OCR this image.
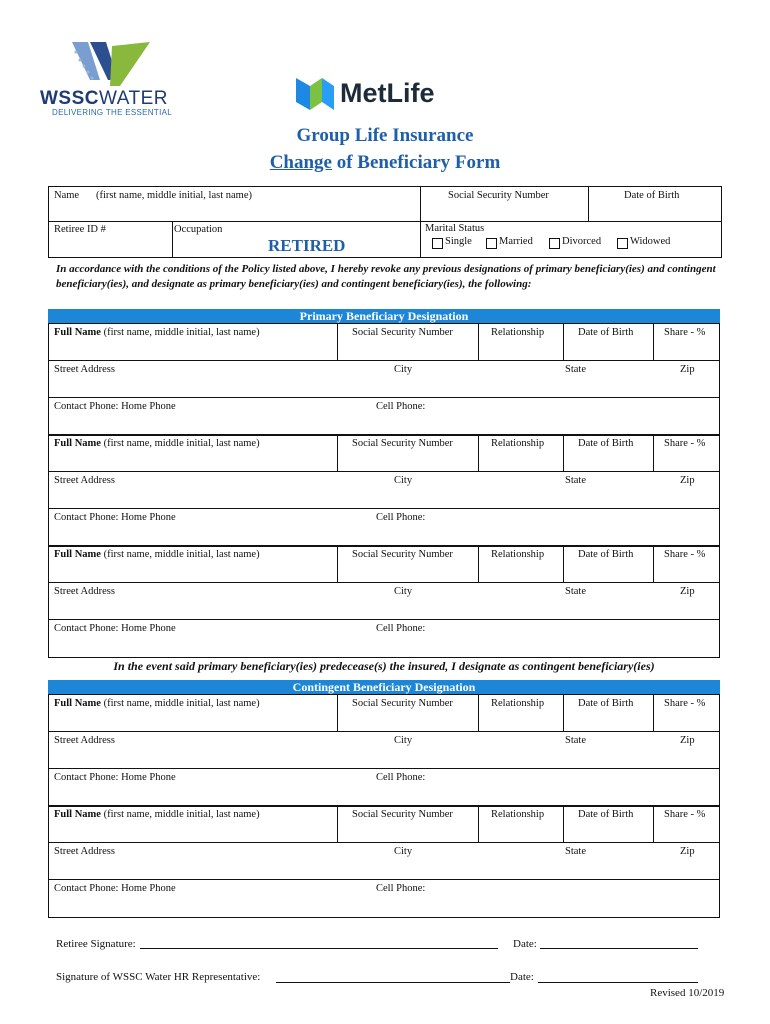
WSSCWATER
DELIVERING THE ESSENTIAL
MetLife
Group Life Insurance
Change of Beneficiary Form
Name (first name, middle initial, last name)	Social Security Number	Date of Birth
Retiree ID #	Occupation
RETIRED
Marital Status
Single	Married	Divorced	Widowed
In accordance with the conditions of the Policy listed above, I hereby revoke any previous designations of primary beneficiary(ies) and contingent beneficiary(ies), and designate as primary beneficiary(ies) and contingent beneficiary(ies), the following:
Primary Beneficiary Designation
Full Name (first name, middle initial, last name)	Social Security Number	Relationship	Date of Birth	Share - %
Street Address	City	State	Zip
Contact Phone: Home Phone	Cell Phone:
Full Name (first name, middle initial, last name)	Social Security Number	Relationship	Date of Birth	Share - %
Street Address	City	State	Zip
Contact Phone: Home Phone	Cell Phone:
Full Name (first name, middle initial, last name)	Social Security Number	Relationship	Date of Birth	Share - %
Street Address	City	State	Zip
Contact Phone: Home Phone	Cell Phone:
In the event said primary beneficiary(ies) predecease(s) the insured, I designate as contingent beneficiary(ies)
Contingent Beneficiary Designation
Full Name (first name, middle initial, last name)	Social Security Number	Relationship	Date of Birth	Share - %
Street Address	City	State	Zip
Contact Phone: Home Phone	Cell Phone:
Full Name (first name, middle initial, last name)	Social Security Number	Relationship	Date of Birth	Share - %
Street Address	City	State	Zip
Contact Phone: Home Phone	Cell Phone:
Retiree Signature:	Date:
Signature of WSSC Water HR Representative:	Date:
Revised 10/2019
